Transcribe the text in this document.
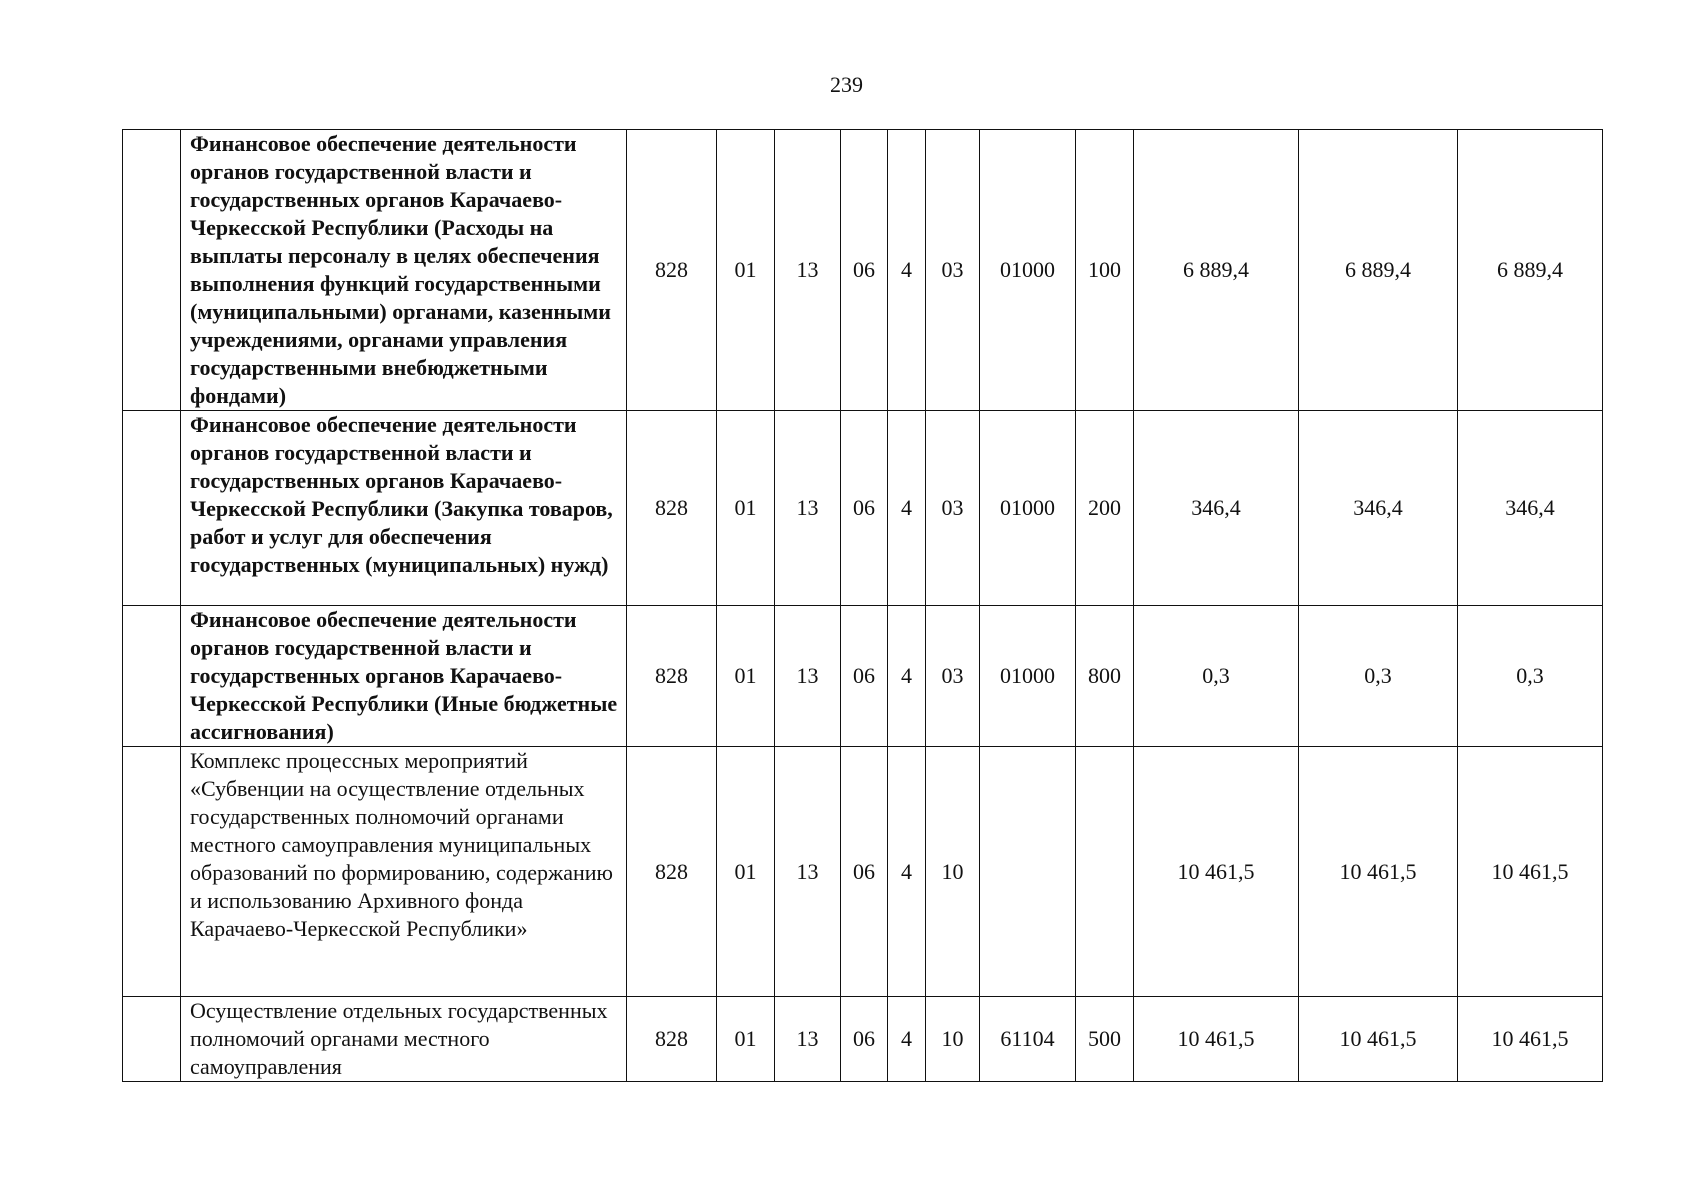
239
	Финансовое обеспечение деятельности органов государственной власти и государственных органов Карачаево-Черкесской Республики (Расходы на выплаты персоналу в целях обеспечения выполнения функций государственными (муниципальными) органами, казенными учреждениями, органами управления государственными внебюджетными фондами)	828	01	13	06	4	03	01000	100	6 889,4	6 889,4	6 889,4
	Финансовое обеспечение деятельности органов государственной власти и государственных органов Карачаево-Черкесской Республики (Закупка товаров, работ и услуг для обеспечения государственных (муниципальных) нужд)	828	01	13	06	4	03	01000	200	346,4	346,4	346,4
	Финансовое обеспечение деятельности органов государственной власти и государственных органов Карачаево-Черкесской Республики (Иные бюджетные ассигнования)	828	01	13	06	4	03	01000	800	0,3	0,3	0,3
	Комплекс процессных мероприятий «Субвенции на осуществление отдельных государственных полномочий органами местного самоуправления муниципальных образований по формированию, содержанию и использованию Архивного фонда Карачаево-Черкесской Республики»	828	01	13	06	4	10			10 461,5	10 461,5	10 461,5
	Осуществление отдельных государственных полномочий органами местного самоуправления	828	01	13	06	4	10	61104	500	10 461,5	10 461,5	10 461,5
